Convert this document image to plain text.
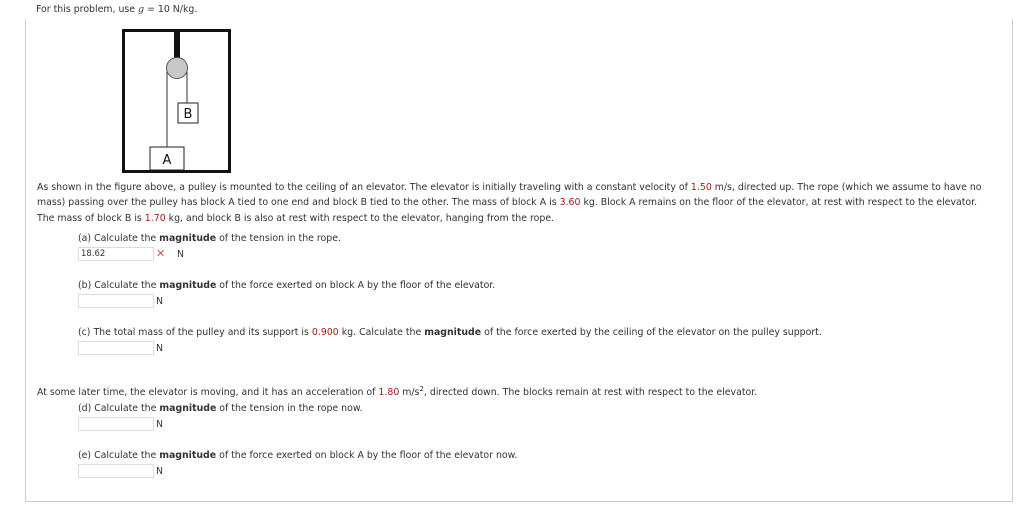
For this problem, use g = 10 N/kg.
B
A
As shown in the figure above, a pulley is mounted to the ceiling of an elevator. The elevator is initially traveling with a constant velocity of 1.50 m/s, directed up. The rope (which we assume to have no mass) passing over the pulley has block A tied to one end and block B tied to the other. The mass of block A is 3.60 kg. Block A remains on the floor of the elevator, at rest with respect to the elevator. The mass of block B is 1.70 kg, and block B is also at rest with respect to the elevator, hanging from the rope.
(a) Calculate the magnitude of the tension in the rope.
18.62
✕ N
(b) Calculate the magnitude of the force exerted on block A by the floor of the elevator.
N
(c) The total mass of the pulley and its support is 0.900 kg. Calculate the magnitude of the force exerted by the ceiling of the elevator on the pulley support.
N
At some later time, the elevator is moving, and it has an acceleration of 1.80 $m/s^2$, directed down. The blocks remain at rest with respect to the elevator.
(d) Calculate the magnitude of the tension in the rope now.
N
(e) Calculate the magnitude of the force exerted on block A by the floor of the elevator now.
N
